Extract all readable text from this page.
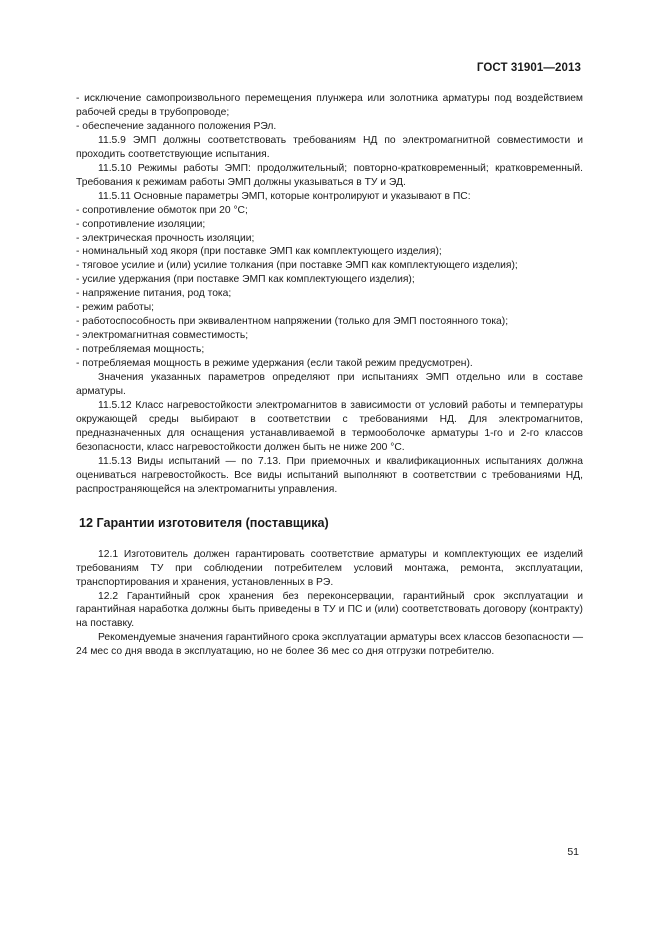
ГОСТ 31901—2013

- исключение самопроизвольного перемещения плунжера или золотника арматуры под воздействием рабочей среды в трубопроводе;

- обеспечение заданного положения РЭл.

11.5.9 ЭМП должны соответствовать требованиям НД по электромагнитной совместимости и проходить соответствующие испытания.

11.5.10 Режимы работы ЭМП: продолжительный; повторно-кратковременный; кратковременный. Требования к режимам работы ЭМП должны указываться в ТУ и ЭД.

11.5.11 Основные параметры ЭМП, которые контролируют и указывают в ПС:

- сопротивление обмоток при 20 °С;

- сопротивление изоляции;

- электрическая прочность изоляции;

- номинальный ход якоря (при поставке ЭМП как комплектующего изделия);

- тяговое усилие и (или) усилие толкания (при поставке ЭМП как комплектующего изделия);

- усилие удержания (при поставке ЭМП как комплектующего изделия);

- напряжение питания, род тока;

- режим работы;

- работоспособность при эквивалентном напряжении (только для ЭМП постоянного тока);

- электромагнитная совместимость;

- потребляемая мощность;

- потребляемая мощность в режиме удержания (если такой режим предусмотрен).

Значения указанных параметров определяют при испытаниях ЭМП отдельно или в составе арматуры.

11.5.12 Класс нагревостойкости электромагнитов в зависимости от условий работы и температуры окружающей среды выбирают в соответствии с требованиями НД. Для электромагнитов, предназначенных для оснащения устанавливаемой в термооболочке арматуры 1-го и 2-го классов безопасности, класс нагревостойкости должен быть не ниже 200 °С.

11.5.13 Виды испытаний — по 7.13. При приемочных и квалификационных испытаниях должна оцениваться нагревостойкость. Все виды испытаний выполняют в соответствии с требованиями НД, распространяющейся на электромагниты управления.

12 Гарантии изготовителя (поставщика)

12.1 Изготовитель должен гарантировать соответствие арматуры и комплектующих ее изделий требованиям ТУ при соблюдении потребителем условий монтажа, ремонта, эксплуатации, транспортирования и хранения, установленных в РЭ.

12.2 Гарантийный срок хранения без переконсервации, гарантийный срок эксплуатации и гарантийная наработка должны быть приведены в ТУ и ПС и (или) соответствовать договору (контракту) на поставку.

Рекомендуемые значения гарантийного срока эксплуатации арматуры всех классов безопасности — 24 мес со дня ввода в эксплуатацию, но не более 36 мес со дня отгрузки потребителю.

51
